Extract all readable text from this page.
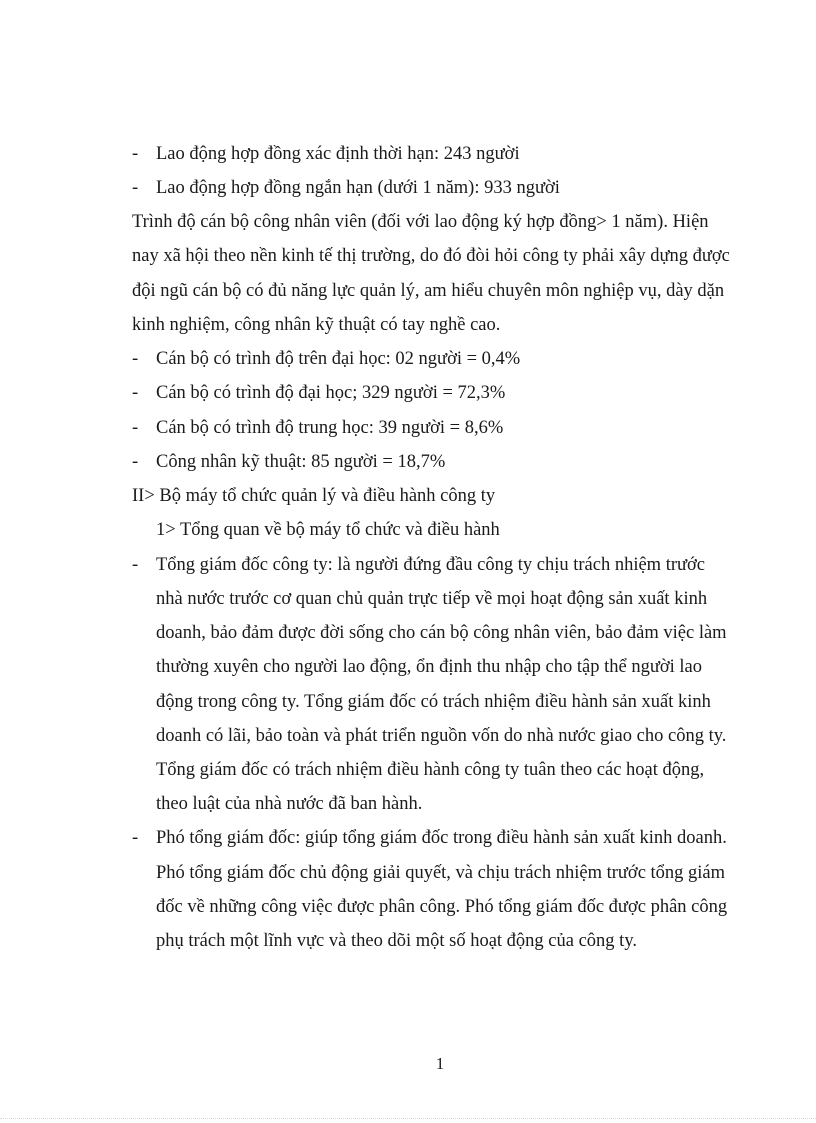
- Lao động hợp đồng xác định thời hạn: 243 người
- Lao động hợp đồng ngắn hạn (dưới 1 năm): 933 người
Trình độ cán bộ công nhân viên (đối với lao động ký hợp đồng> 1 năm). Hiện
nay xã hội theo nền kinh tế thị trường, do đó đòi hỏi công ty phải xây dựng được
đội ngũ cán bộ có đủ năng lực quản lý, am hiểu chuyên môn nghiệp vụ, dày dặn
kinh nghiệm, công nhân kỹ thuật có tay nghề cao.
- Cán bộ có trình độ trên đại học: 02 người = 0,4%
- Cán bộ có trình độ đại học; 329 người = 72,3%
- Cán bộ có trình độ trung học: 39 người = 8,6%
- Công nhân kỹ thuật: 85 người = 18,7%
II> Bộ máy tổ chức quản lý và điều hành công ty
1> Tổng quan về bộ máy tổ chức và điều hành
- Tổng giám đốc công ty: là người đứng đầu công ty chịu trách nhiệm trước
nhà nước trước cơ quan chủ quản trực tiếp về mọi hoạt động sản xuất kinh
doanh, bảo đảm được đời sống cho cán bộ công nhân viên, bảo đảm việc làm
thường xuyên cho người lao động, ổn định thu nhập cho tập thể người lao
động trong công ty. Tổng giám đốc có trách nhiệm điều hành sản xuất kinh
doanh có lãi, bảo toàn và phát triển nguồn vốn do nhà nước giao cho công ty.
Tổng giám đốc có trách nhiệm điều hành công ty tuân theo các hoạt động,
theo luật của nhà nước đã ban hành.
- Phó tổng giám đốc: giúp tổng giám đốc trong điều hành sản xuất kinh doanh.
Phó tổng giám đốc chủ động giải quyết, và chịu trách nhiệm trước tổng giám
đốc về những công việc được phân công. Phó tổng giám đốc được phân công
phụ trách một lĩnh vực và theo dõi một số hoạt động của công ty.
1
